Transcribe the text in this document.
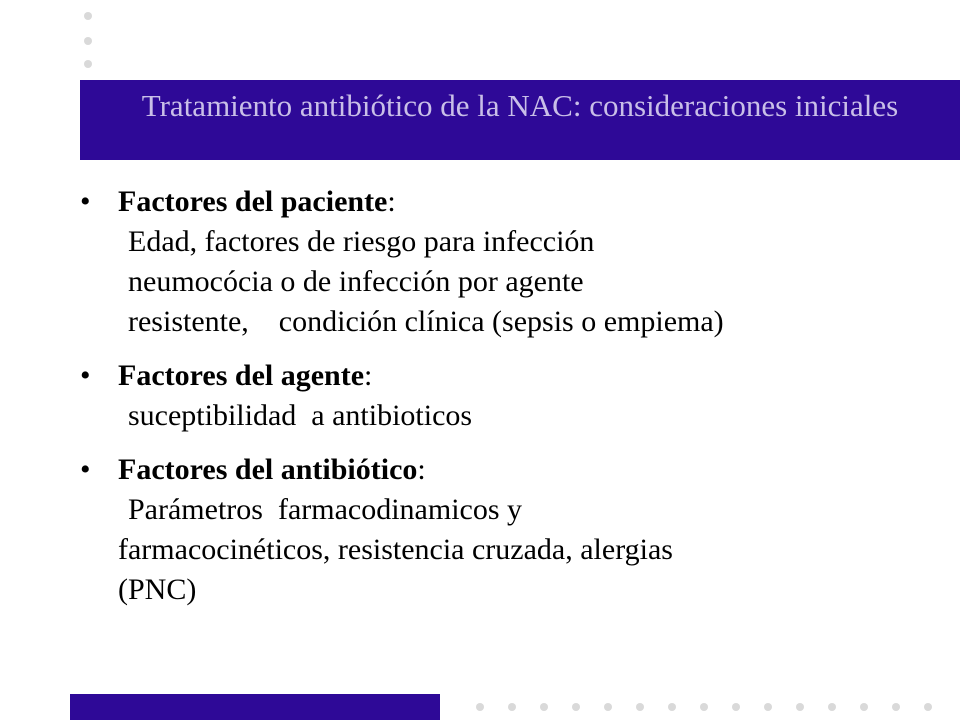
Tratamiento antibiótico de la NAC: consideraciones iniciales
• Factores del paciente:
Edad, factores de riesgo para infección
neumocócia o de infección por agente
resistente,    condición clínica (sepsis o empiema)
• Factores del agente:
suceptibilidad  a antibioticos
• Factores del antibiótico:
Parámetros  farmacodinamicos y
farmacocinéticos, resistencia cruzada, alergias
(PNC)
